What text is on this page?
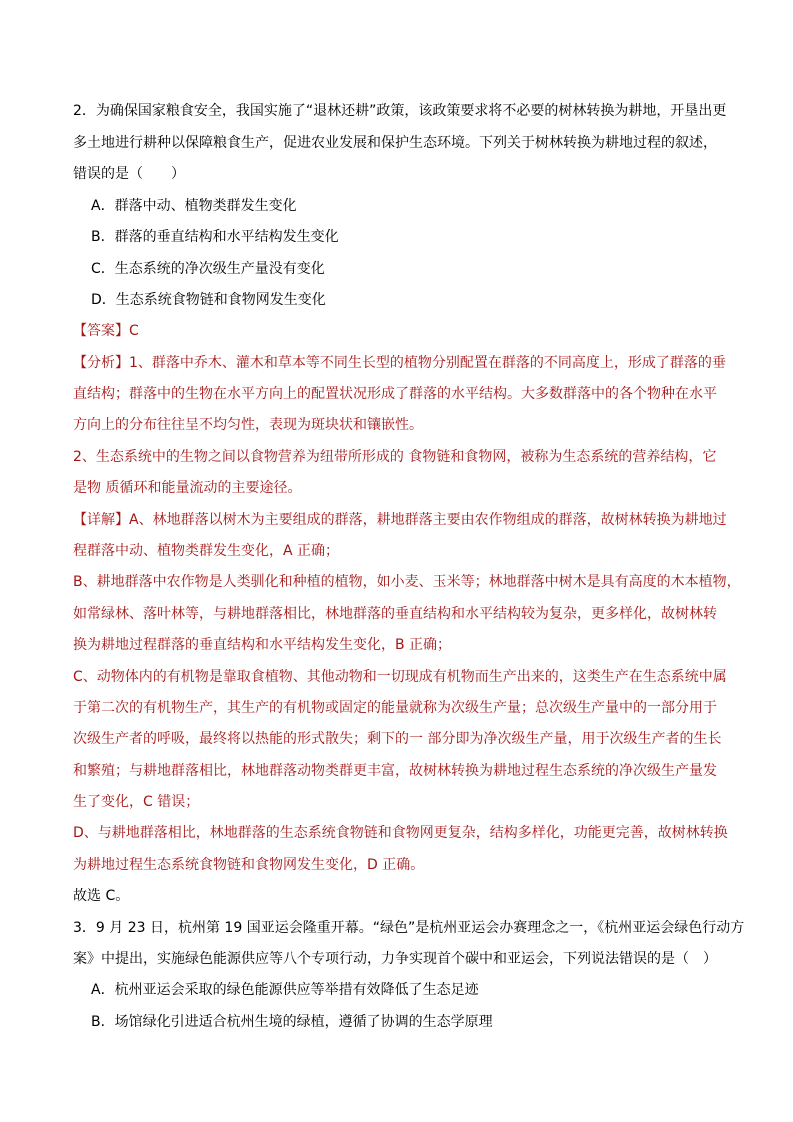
2．为确保国家粮食安全，我国实施了“退林还耕”政策，该政策要求将不必要的树林转换为耕地，开垦出更
多土地进行耕种以保障粮食生产，促进农业发展和保护生态环境。下列关于树林转换为耕地过程的叙述，
错误的是（　　）
A．群落中动、植物类群发生变化
B．群落的垂直结构和水平结构发生变化
C．生态系统的净次级生产量没有变化
D．生态系统食物链和食物网发生变化
【答案】C
【分析】1、群落中乔木、灌木和草本等不同生长型的植物分别配置在群落的不同高度上，形成了群落的垂
直结构；群落中的生物在水平方向上的配置状况形成了群落的水平结构。大多数群落中的各个物种在水平
方向上的分布往往呈不均匀性，表现为斑块状和镶嵌性。
2、生态系统中的生物之间以食物营养为纽带所形成的 食物链和食物网，被称为生态系统的营养结构，它
是物 质循环和能量流动的主要途径。
【详解】A、林地群落以树木为主要组成的群落，耕地群落主要由农作物组成的群落，故树林转换为耕地过
程群落中动、植物类群发生变化，A 正确；
B、耕地群落中农作物是人类驯化和种植的植物，如小麦、玉米等；林地群落中树木是具有高度的木本植物，
如常绿林、落叶林等，与耕地群落相比，林地群落的垂直结构和水平结构较为复杂，更多样化，故树林转
换为耕地过程群落的垂直结构和水平结构发生变化，B 正确；
C、动物体内的有机物是靠取食植物、其他动物和一切现成有机物而生产出来的，这类生产在生态系统中属
于第二次的有机物生产，其生产的有机物或固定的能量就称为次级生产量；总次级生产量中的一部分用于
次级生产者的呼吸，最终将以热能的形式散失；剩下的一 部分即为净次级生产量，用于次级生产者的生长
和繁殖；与耕地群落相比，林地群落动物类群更丰富，故树林转换为耕地过程生态系统的净次级生产量发
生了变化，C 错误；
D、与耕地群落相比，林地群落的生态系统食物链和食物网更复杂，结构多样化，功能更完善，故树林转换
为耕地过程生态系统食物链和食物网发生变化，D 正确。
故选 C。
3．9 月 23 日，杭州第 19 国亚运会隆重开幕。“绿色”是杭州亚运会办赛理念之一，《杭州亚运会绿色行动方
案》中提出，实施绿色能源供应等八个专项行动，力争实现首个碳中和亚运会，下列说法错误的是（　）
A．杭州亚运会采取的绿色能源供应等举措有效降低了生态足迹
B．场馆绿化引进适合杭州生境的绿植，遵循了协调的生态学原理
